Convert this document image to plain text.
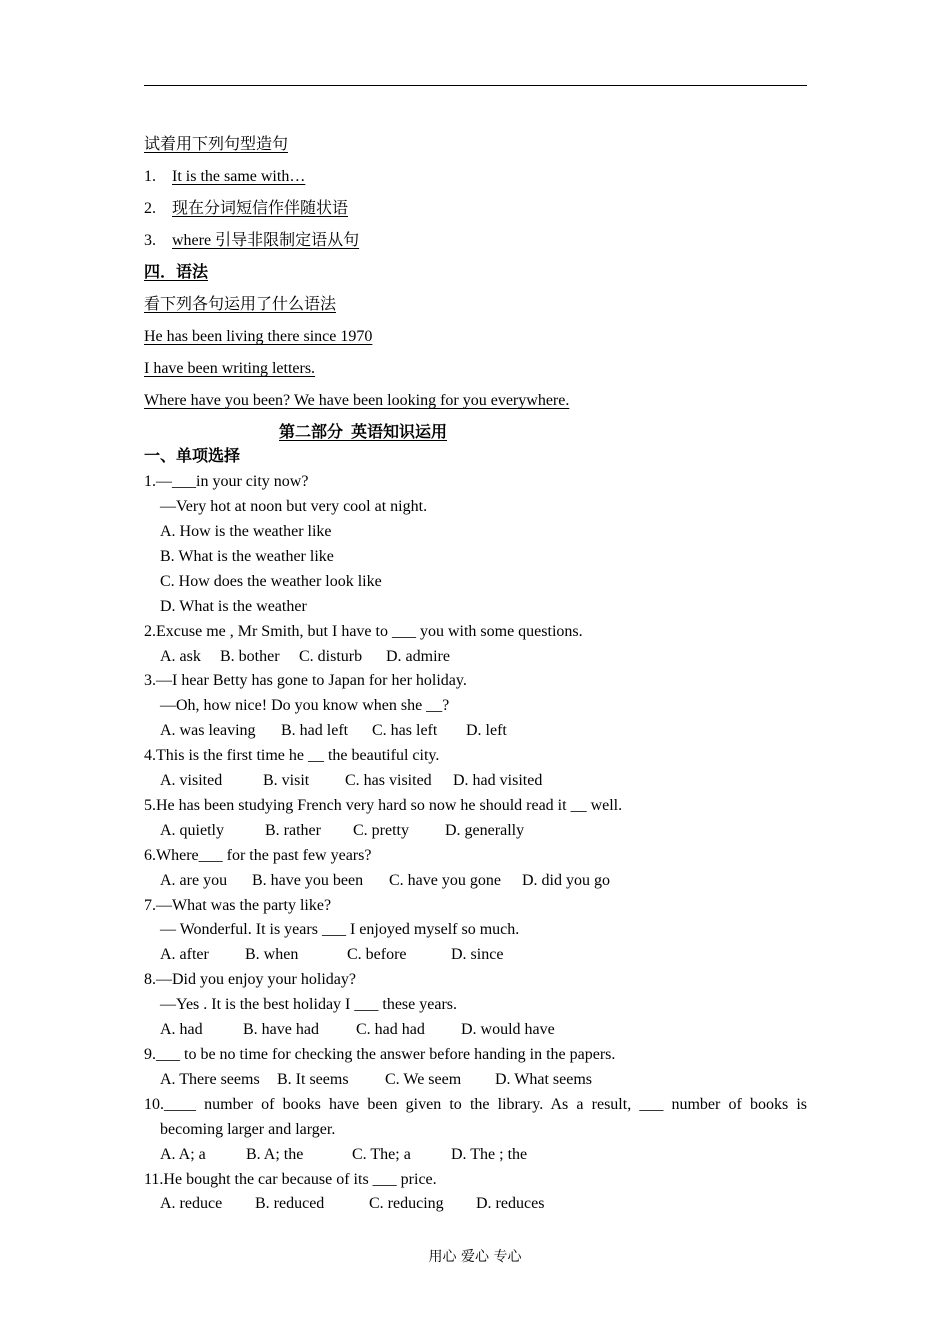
试着用下列句型造句
1. It is the same with…
2. 现在分词短信作伴随状语
3. where 引导非限制定语从句
四．语法
看下列各句运用了什么语法
He has been living there since 1970
I have been writing letters.
Where have you been? We have been looking for you everywhere.
第二部分  英语知识运用
一、单项选择
1.—___in your city now?
—Very hot at noon but very cool at night.
A. How is the weather like
B. What is the weather like
C. How does the weather look like
D. What is the weather
2.Excuse me , Mr Smith, but I have to ___ you with some questions.
A. ask B. bother C. disturb D. admire
3.—I hear Betty has gone to Japan for her holiday.
—Oh, how nice! Do you know when she __?
A. was leaving B. had left C. has left D. left
4.This is the first time he __ the beautiful city.
A. visited	B. visit C. has visited D. had visited
5.He has been studying French very hard so now he should read it __ well.
A. quietly	B. rather C. pretty D. generally
6.Where___ for the past few years?
A. are you B. have you been C. have you gone D. did you go
7.—What was the party like?
— Wonderful. It is years ___ I enjoyed myself so much.
A. after B. when	C. before	D. since
8.—Did you enjoy your holiday?
—Yes . It is the best holiday I ___ these years.
A. had	B. have had C. had had D. would have
9.___ to be no time for checking the answer before handing in the papers.
A. There seems B. It seems C. We seem D. What seems
10.____ number of books have been given to the library. As a result, ___ number of books is
becoming larger and larger.
A. A; a	B. A; the	C. The; a	D. The ; the
11.He bought the car because of its ___ price.
A. reduce B. reduced	C. reducing D. reduces
用心 爱心 专心
